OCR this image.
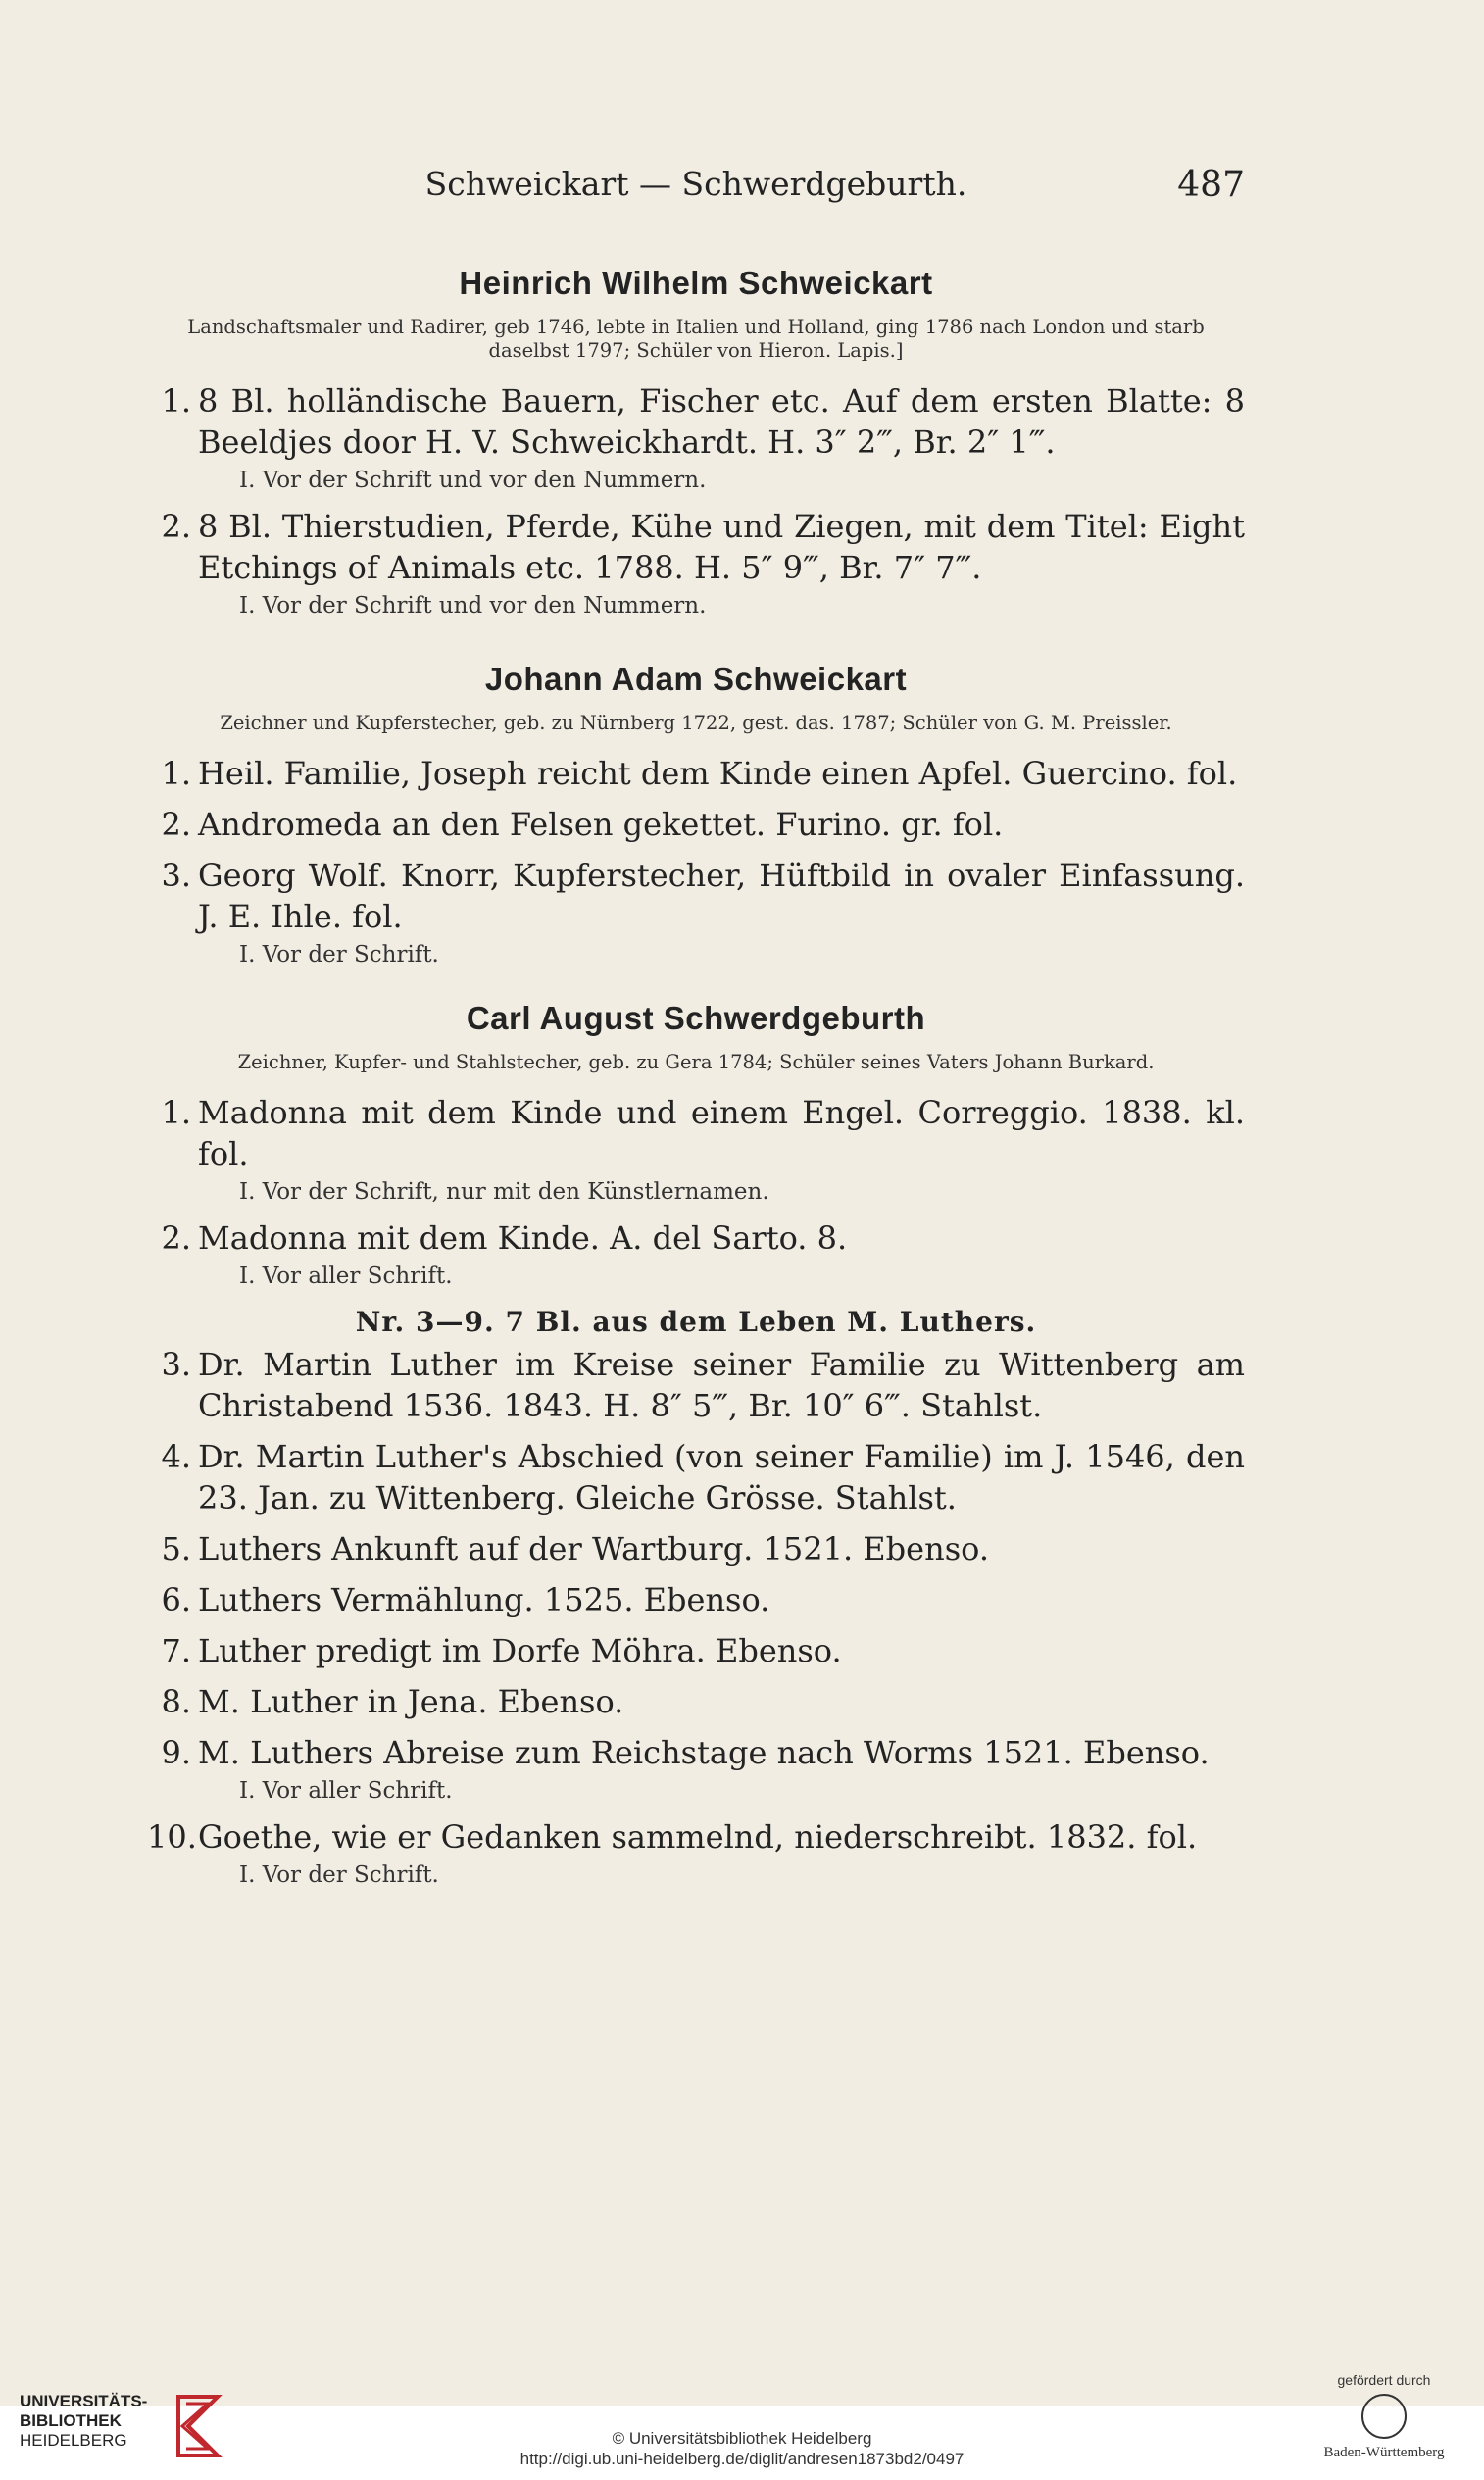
Schweickart — Schwerdgeburth.	487
Heinrich Wilhelm Schweickart
Landschaftsmaler und Radirer, geb 1746, lebte in Italien und Holland, ging 1786 nach London und starb daselbst 1797; Schüler von Hieron. Lapis.]
1. 8 Bl. holländische Bauern, Fischer etc. Auf dem ersten Blatte: 8 Beeldjes door H. V. Schweickhardt. H. 3″ 2‴, Br. 2″ 1‴.
I. Vor der Schrift und vor den Nummern.
2. 8 Bl. Thierstudien, Pferde, Kühe und Ziegen, mit dem Titel: Eight Etchings of Animals etc. 1788. H. 5″ 9‴, Br. 7″ 7‴.
I. Vor der Schrift und vor den Nummern.
Johann Adam Schweickart
Zeichner und Kupferstecher, geb. zu Nürnberg 1722, gest. das. 1787; Schüler von G. M. Preissler.
1. Heil. Familie, Joseph reicht dem Kinde einen Apfel. Guercino. fol.
2. Andromeda an den Felsen gekettet. Furino. gr. fol.
3. Georg Wolf. Knorr, Kupferstecher, Hüftbild in ovaler Einfassung. J. E. Ihle. fol.
I. Vor der Schrift.
Carl August Schwerdgeburth
Zeichner, Kupfer- und Stahlstecher, geb. zu Gera 1784; Schüler seines Vaters Johann Burkard.
1. Madonna mit dem Kinde und einem Engel. Correggio. 1838. kl. fol.
I. Vor der Schrift, nur mit den Künstlernamen.
2. Madonna mit dem Kinde. A. del Sarto. 8.
I. Vor aller Schrift.
Nr. 3—9. 7 Bl. aus dem Leben M. Luthers.
3. Dr. Martin Luther im Kreise seiner Familie zu Wittenberg am Christabend 1536. 1843. H. 8″ 5‴, Br. 10″ 6‴. Stahlst.
4. Dr. Martin Luther's Abschied (von seiner Familie) im J. 1546, den 23. Jan. zu Wittenberg. Gleiche Grösse. Stahlst.
5. Luthers Ankunft auf der Wartburg. 1521. Ebenso.
6. Luthers Vermählung. 1525. Ebenso.
7. Luther predigt im Dorfe Möhra. Ebenso.
8. M. Luther in Jena. Ebenso.
9. M. Luthers Abreise zum Reichstage nach Worms 1521. Ebenso.
I. Vor aller Schrift.
10. Goethe, wie er Gedanken sammelnd, niederschreibt. 1832. fol.
I. Vor der Schrift.
UNIVERSITÄTS-
BIBLIOTHEK
HEIDELBERG	© Universitätsbibliothek Heidelberg
http://digi.ub.uni-heidelberg.de/diglit/andresen1873bd2/0497
gefördert durch
Baden-Württemberg
